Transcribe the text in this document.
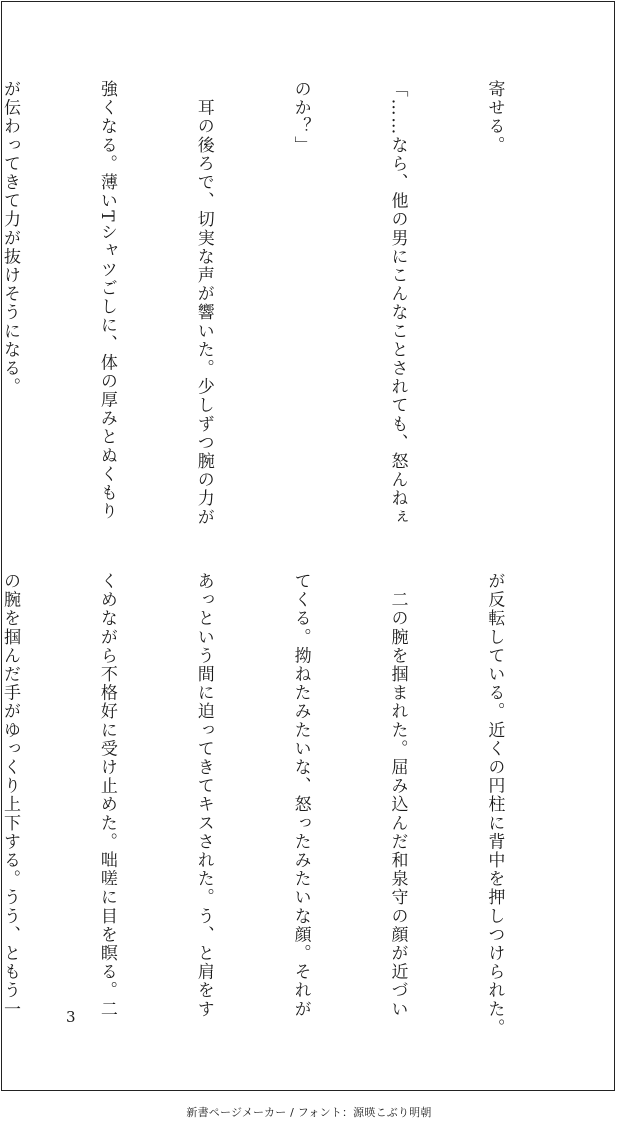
寄せる。

「……なら、他の男にこんなことされても、怒んねぇ

のか？」

　耳の後ろで、切実な声が響いた。少しずつ腕の力が

強くなる。薄いTシャツごしに、体の厚みとぬくもり

が伝わってきて力が抜けそうになる。

が反転している。近くの円柱に背中を押しつけられた。

　二の腕を掴まれた。屈み込んだ和泉守の顔が近づい

てくる。拗ねたみたいな、怒ったみたいな顔。それが

あっという間に迫ってきてキスされた。う、と肩をす

くめながら不格好に受け止めた。咄嗟に目を瞑る。二

の腕を掴んだ手がゆっくり上下する。うう、ともう一

	3
新書ページメーカー / フォント：源暎こぶり明朝
